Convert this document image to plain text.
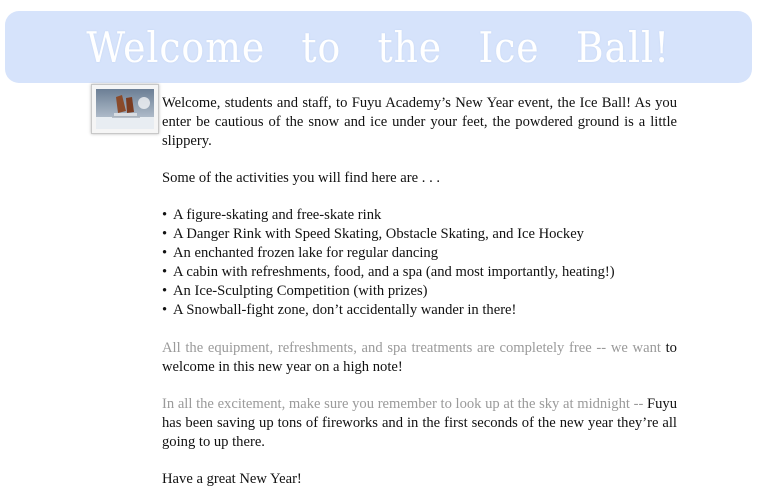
Welcome to the Ice Ball!

Welcome, students and staff, to Fuyu Academy’s New Year event, the Ice Ball! As you enter be cautious of the snow and ice under your feet, the powdered ground is a little slippery.

Some of the activities you will find here are . . .

• A figure-skating and free-skate rink
• A Danger Rink with Speed Skating, Obstacle Skating, and Ice Hockey
• An enchanted frozen lake for regular dancing
• A cabin with refreshments, food, and a spa (and most importantly, heating!)
• An Ice-Sculpting Competition (with prizes)
• A Snowball-fight zone, don’t accidentally wander in there!

All the equipment, refreshments, and spa treatments are completely free -- we want to welcome in this new year on a high note!

In all the excitement, make sure you remember to look up at the sky at midnight -- Fuyu has been saving up tons of fireworks and in the first seconds of the new year they’re all going to up there.

Have a great New Year!
